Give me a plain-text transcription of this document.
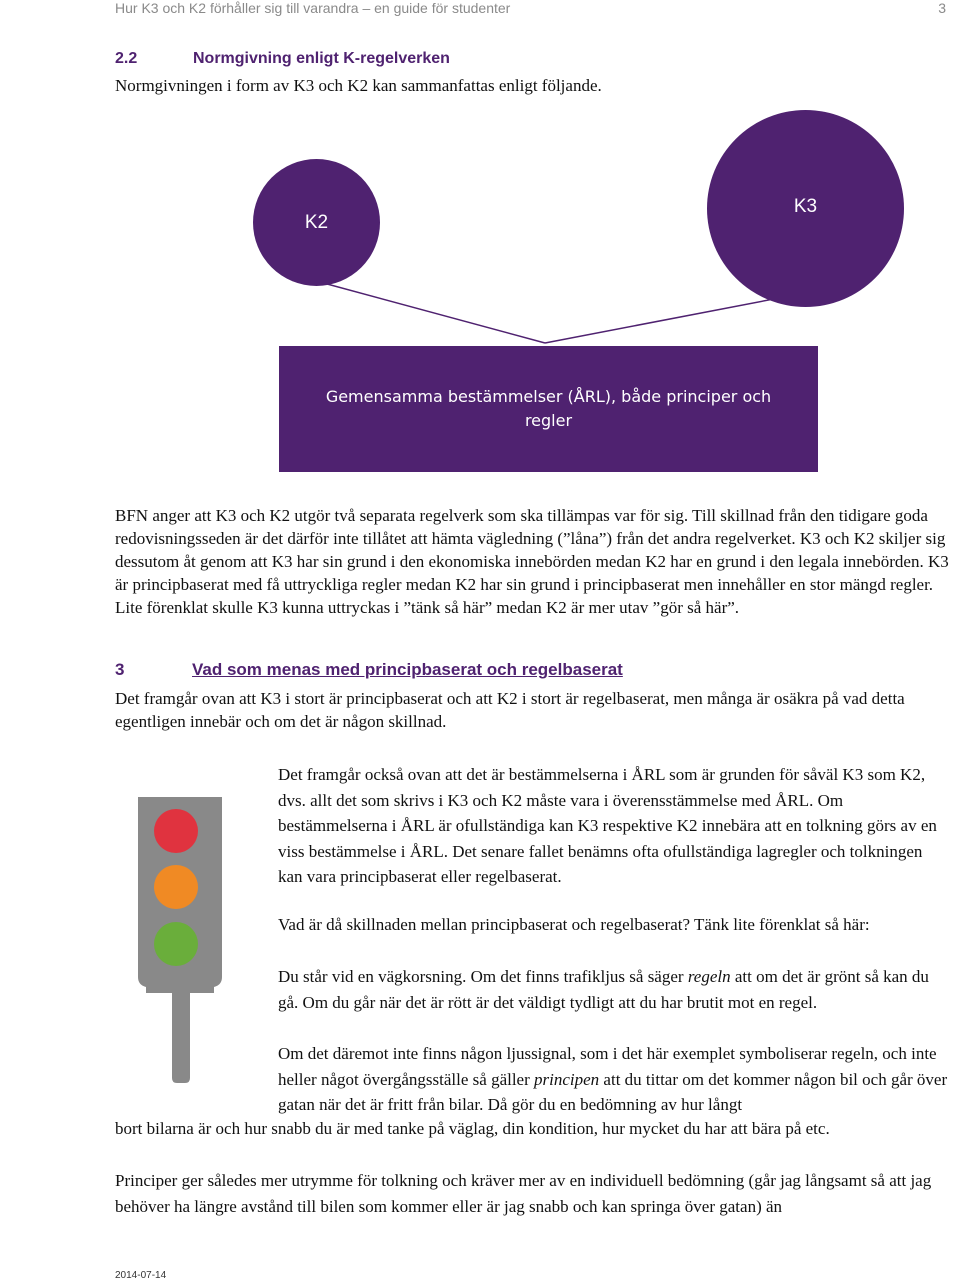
Hur K3 och K2 förhåller sig till varandra – en guide för studenter	3
2.2	Normgivning enligt K-regelverken

Normgivningen i form av K3 och K2 kan sammanfattas enligt följande.

K2
K3
Gemensamma bestämmelser (ÅRL), både principer och regler

BFN anger att K3 och K2 utgör två separata regelverk som ska tillämpas var för sig. Till skillnad från den tidigare goda redovisningsseden är det därför inte tillåtet att hämta vägledning (”låna”) från det andra regelverket. K3 och K2 skiljer sig dessutom åt genom att K3 har sin grund i den ekonomiska innebörden medan K2 har en grund i den legala innebörden. K3 är principbaserat med få uttryckliga regler medan K2 har sin grund i principbaserat men innehåller en stor mängd regler. Lite förenklat skulle K3 kunna uttryckas i ”tänk så här” medan K2 är mer utav ”gör så här”.

3	Vad som menas med principbaserat och regelbaserat

Det framgår ovan att K3 i stort är principbaserat och att K2 i stort är regelbaserat, men många är osäkra på vad detta egentligen innebär och om det är någon skillnad.

Det framgår också ovan att det är bestämmelserna i ÅRL som är grunden för såväl K3 som K2, dvs. allt det som skrivs i K3 och K2 måste vara i överensstämmelse med ÅRL. Om bestämmelserna i ÅRL är ofullständiga kan K3 respektive K2 innebära att en tolkning görs av en viss bestämmelse i ÅRL. Det senare fallet benämns ofta ofullständiga lagregler och tolkningen kan vara principbaserat eller regelbaserat.

Vad är då skillnaden mellan principbaserat och regelbaserat? Tänk lite förenklat så här:

Du står vid en vägkorsning. Om det finns trafikljus så säger regeln att om det är grönt så kan du gå. Om du går när det är rött är det väldigt tydligt att du har brutit mot en regel.

Om det däremot inte finns någon ljussignal, som i det här exemplet symboliserar regeln, och inte heller något övergångsställe så gäller principen att du tittar om det kommer någon bil och går över gatan när det är fritt från bilar. Då gör du en bedömning av hur långt

bort bilarna är och hur snabb du är med tanke på väglag, din kondition, hur mycket du har att bära på etc.

Principer ger således mer utrymme för tolkning och kräver mer av en individuell bedömning (går jag långsamt så att jag behöver ha längre avstånd till bilen som kommer eller är jag snabb och kan springa över gatan) än

2014-07-14
